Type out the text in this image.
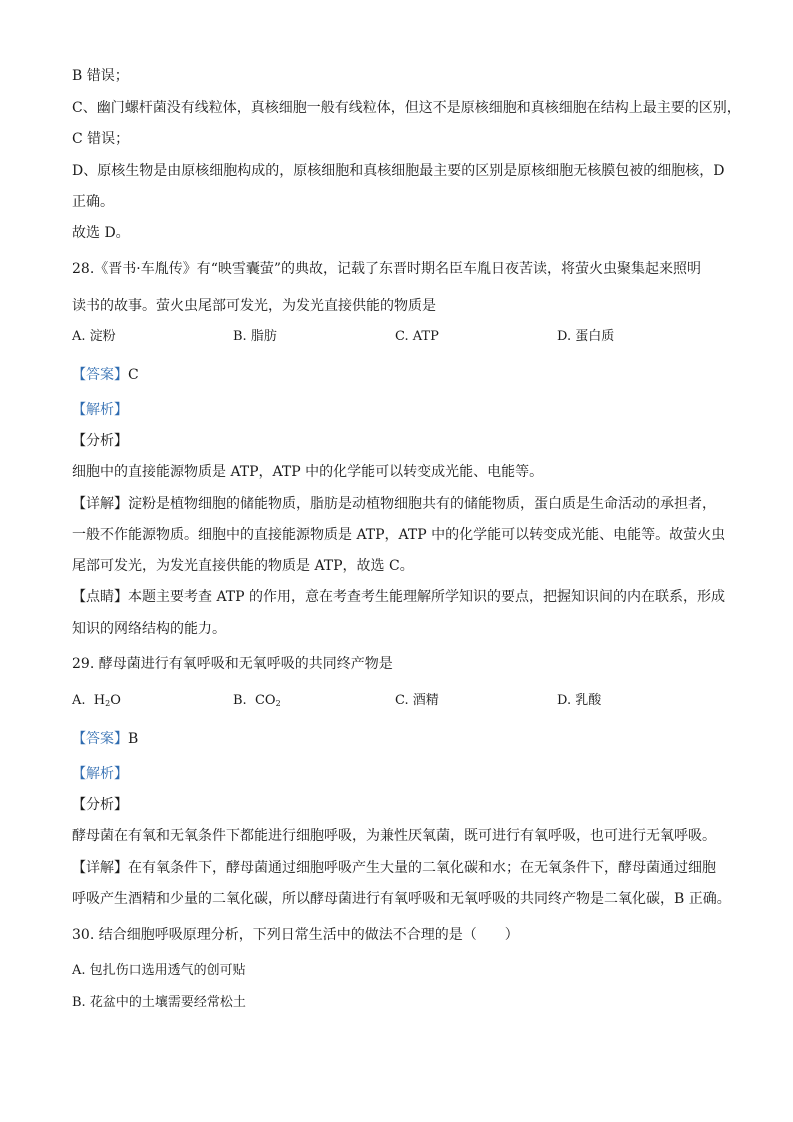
B 错误；
C、幽门螺杆菌没有线粒体，真核细胞一般有线粒体，但这不是原核细胞和真核细胞在结构上最主要的区别，
C 错误；
D、原核生物是由原核细胞构成的，原核细胞和真核细胞最主要的区别是原核细胞无核膜包被的细胞核，D
正确。
故选 D。
28.《晋书·车胤传》有“映雪囊萤”的典故，记载了东晋时期名臣车胤日夜苦读，将萤火虫聚集起来照明
读书的故事。萤火虫尾部可发光，为发光直接供能的物质是
A. 淀粉	B. 脂肪	C. ATP	D. 蛋白质
【答案】C
【解析】
【分析】
细胞中的直接能源物质是 ATP，ATP 中的化学能可以转变成光能、电能等。
【详解】淀粉是植物细胞的储能物质，脂肪是动植物细胞共有的储能物质，蛋白质是生命活动的承担者，
一般不作能源物质。细胞中的直接能源物质是 ATP，ATP 中的化学能可以转变成光能、电能等。故萤火虫
尾部可发光，为发光直接供能的物质是 ATP，故选 C。
【点睛】本题主要考查 ATP 的作用，意在考查考生能理解所学知识的要点，把握知识间的内在联系，形成
知识的网络结构的能力。
29. 酵母菌进行有氧呼吸和无氧呼吸的共同终产物是
A. $H_2O$	B. $CO_2$	C. 酒精	D. 乳酸
【答案】B
【解析】
【分析】
酵母菌在有氧和无氧条件下都能进行细胞呼吸，为兼性厌氧菌，既可进行有氧呼吸，也可进行无氧呼吸。
【详解】在有氧条件下，酵母菌通过细胞呼吸产生大量的二氧化碳和水；在无氧条件下，酵母菌通过细胞
呼吸产生酒精和少量的二氧化碳，所以酵母菌进行有氧呼吸和无氧呼吸的共同终产物是二氧化碳，B 正确。
30. 结合细胞呼吸原理分析，下列日常生活中的做法不合理的是（　　）
A. 包扎伤口选用透气的创可贴
B. 花盆中的土壤需要经常松土
